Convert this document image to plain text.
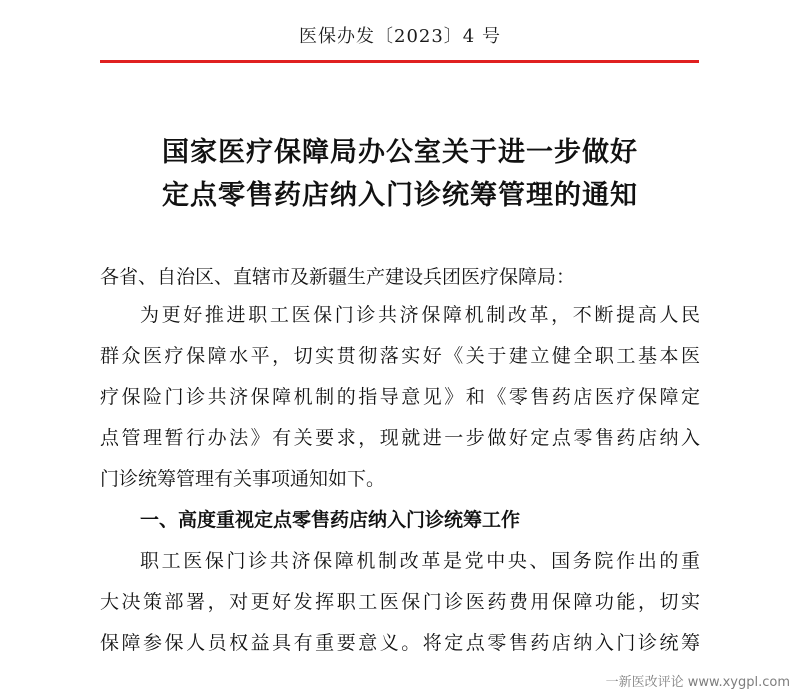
医保办发〔2023〕4 号
国家医疗保障局办公室关于进一步做好
定点零售药店纳入门诊统筹管理的通知
各省、自治区、直辖市及新疆生产建设兵团医疗保障局：
为更好推进职工医保门诊共济保障机制改革，不断提高人民
群众医疗保障水平，切实贯彻落实好《关于建立健全职工基本医
疗保险门诊共济保障机制的指导意见》和《零售药店医疗保障定
点管理暂行办法》有关要求，现就进一步做好定点零售药店纳入
门诊统筹管理有关事项通知如下。
一、高度重视定点零售药店纳入门诊统筹工作
职工医保门诊共济保障机制改革是党中央、国务院作出的重
大决策部署，对更好发挥职工医保门诊医药费用保障功能，切实
保障参保人员权益具有重要意义。将定点零售药店纳入门诊统筹
一新医改评论 www.xygpl.com
